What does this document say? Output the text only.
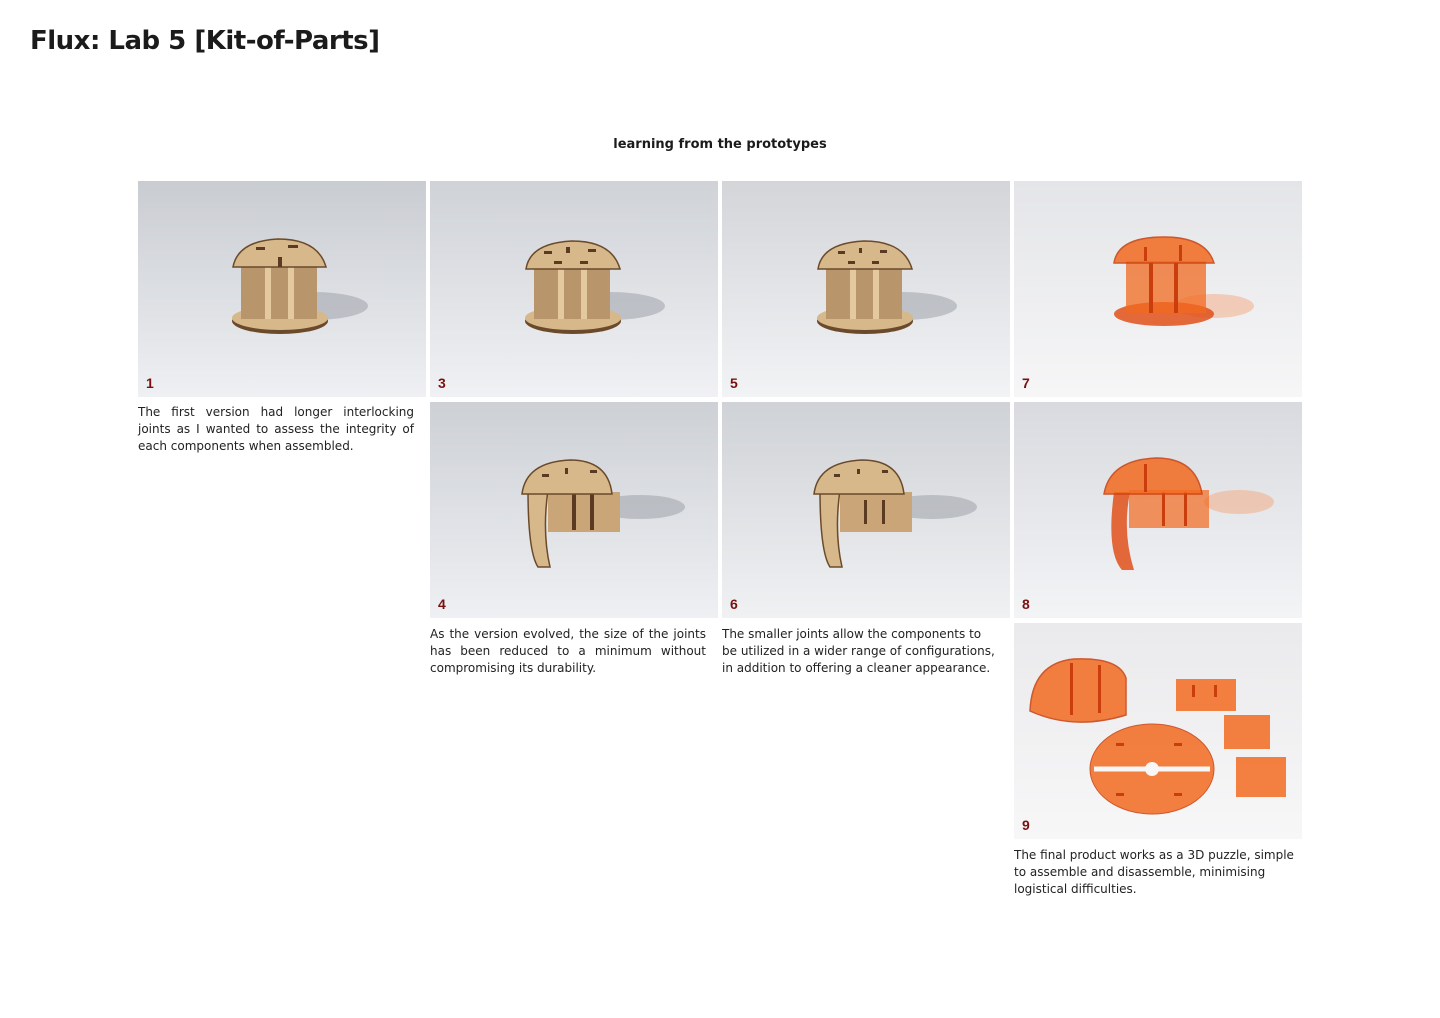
Flux: Lab 5 [Kit-of-Parts]
learning from the prototypes
1	3	5	7
4	6	8
9

The first version had longer interlocking joints as I wanted to assess the integrity of each components when assembled.

As the version evolved, the size of the joints has been reduced to a minimum without compromising its durability.

The smaller joints allow the components to be utilized in a wider range of configurations, in addition to offering a cleaner appearance.

The final product works as a 3D puzzle, simple to assemble and disassemble, minimising logistical difficulties.
